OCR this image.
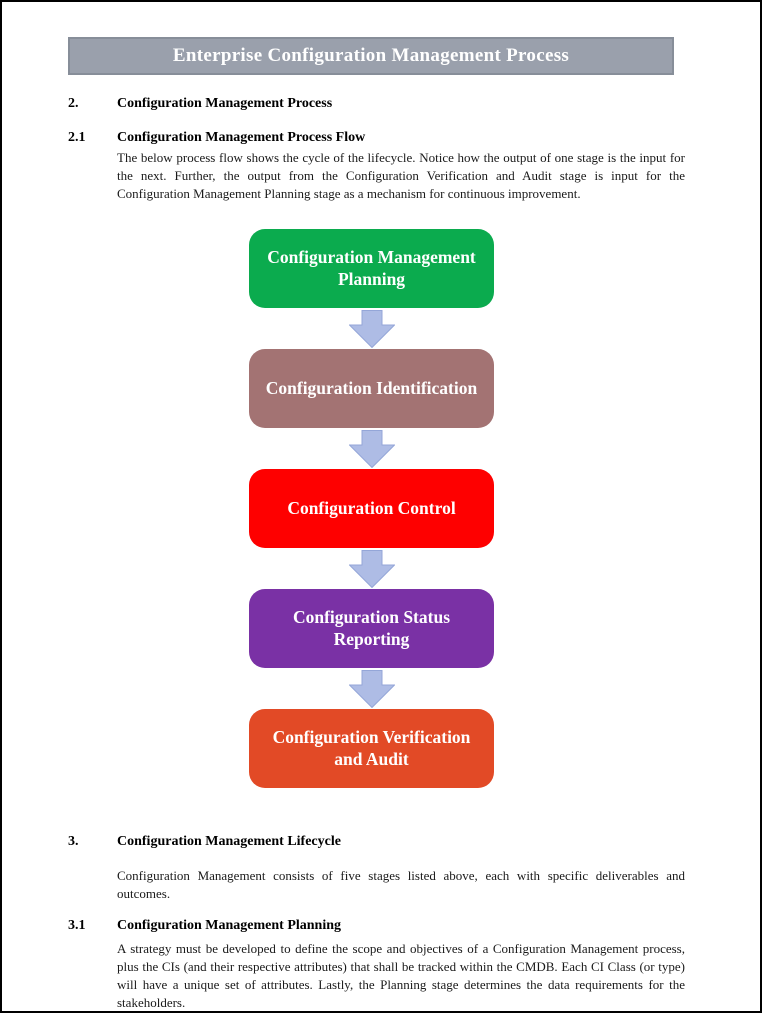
Enterprise Configuration Management Process
2.	Configuration Management Process
2.1	Configuration Management Process Flow

The below process flow shows the cycle of the lifecycle. Notice how the output of one stage is the input for the next. Further, the output from the Configuration Verification and Audit stage is input for the Configuration Management Planning stage as a mechanism for continuous improvement.

Configuration Management Planning
Configuration Identification
Configuration Control
Configuration Status Reporting
Configuration Verification and Audit
3.	Configuration Management Lifecycle

Configuration Management consists of five stages listed above, each with specific deliverables and outcomes.

3.1	Configuration Management Planning

A strategy must be developed to define the scope and objectives of a Configuration Management process, plus the CIs (and their respective attributes) that shall be tracked within the CMDB. Each CI Class (or type) will have a unique set of attributes. Lastly, the Planning stage determines the data requirements for the stakeholders.
